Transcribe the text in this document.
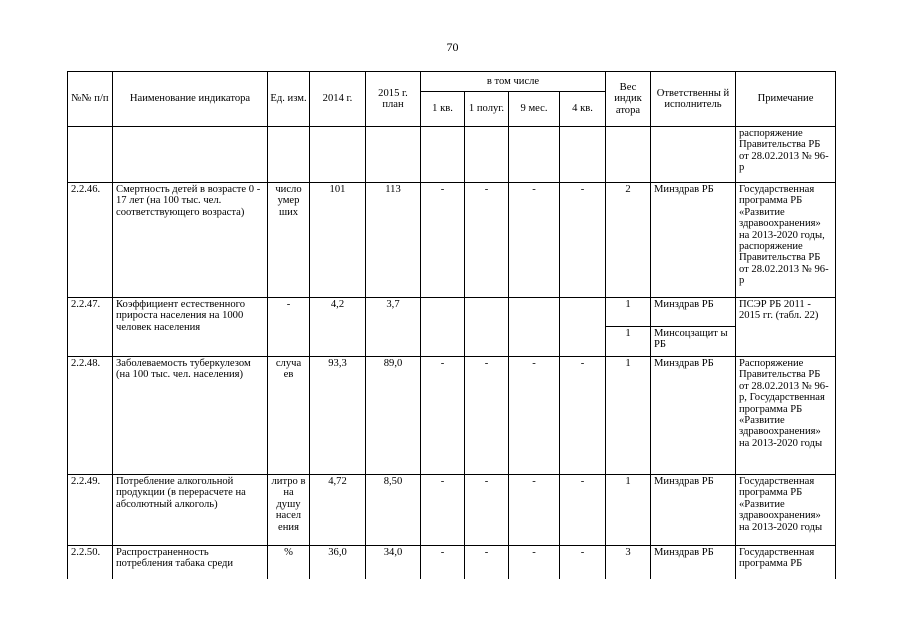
70
№№ п/п	Наименование индикатора	Ед. изм.	2014 г.	2015 г. план	в том числе				Вес индик атора	Ответственны й исполнитель	Примечание
					1 кв.	1 полуг.	9 мес.	4 кв.			
											распоряжение Правительства РБ от 28.02.2013 № 96-р
2.2.46.	Смертность детей в возрасте 0 - 17 лет (на 100 тыс. чел. соответствующего возраста)	число умер ших	101	113	-	-	-	-	2	Минздрав РБ	Государственная программа РБ «Развитие здравоохранения» на 2013-2020 годы, распоряжение Правительства РБ от 28.02.2013 № 96-р
2.2.47.	Коэффициент естественного прироста населения на 1000 человек населения	-	4,2	3,7					1	Минздрав РБ	ПСЭР РБ 2011 - 2015 гг. (табл. 22)
									1	Минсоцзащит ы РБ	
2.2.48.	Заболеваемость туберкулезом (на 100 тыс. чел. населения)	случа ев	93,3	89,0	-	-	-	-	1	Минздрав РБ	Распоряжение Правительства РБ от 28.02.2013 № 96-р, Государственная программа РБ «Развитие здравоохранения» на 2013-2020 годы
2.2.49.	Потребление алкогольной продукции (в перерасчете на абсолютный алкоголь)	литро в на душу насел ения	4,72	8,50	-	-	-	-	1	Минздрав РБ	Государственная программа РБ «Развитие здравоохранения» на 2013-2020 годы
2.2.50.	Распространенность потребления табака среди	%	36,0	34,0	-	-	-	-	3	Минздрав РБ	Государственная программа РБ
